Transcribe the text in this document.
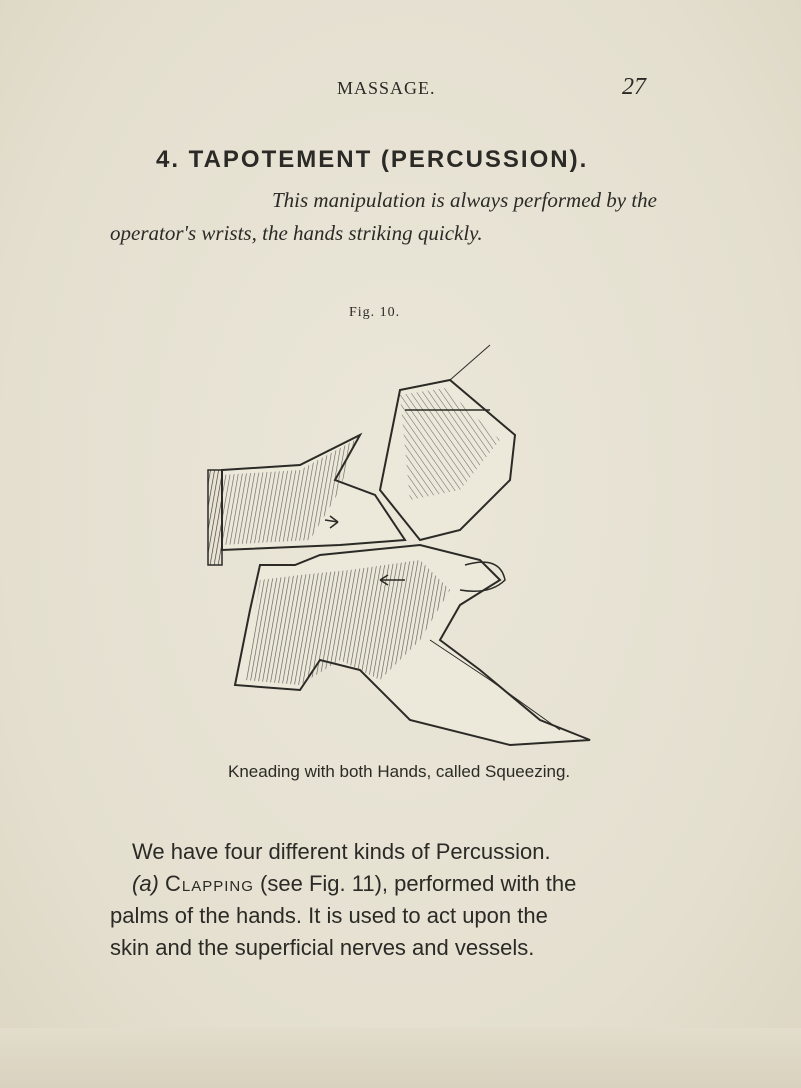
MASSAGE.	27
4. TAPOTEMENT (PERCUSSION).
This manipulation is always performed by the
operator's wrists, the hands striking quickly.
Fig. 10.
Kneading with both Hands, called Squeezing.
We have four different kinds of Percussion.
(a) Clapping (see Fig. 11), performed with the
palms of the hands. It is used to act upon the
skin and the superficial nerves and vessels.
